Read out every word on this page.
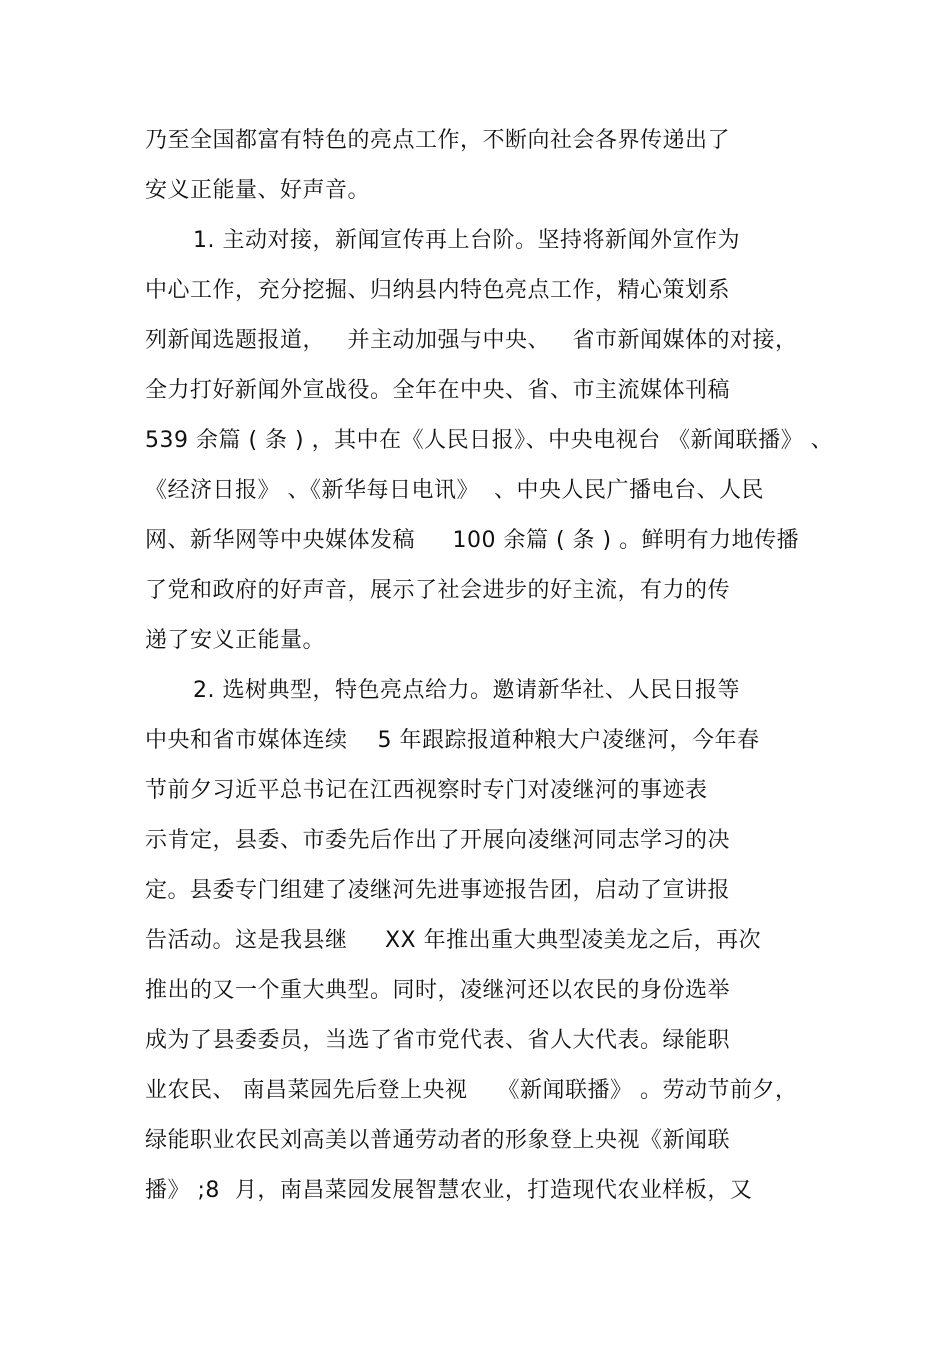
乃至全国都富有特色的亮点工作，不断向社会各界传递出了
安义正能量、好声音。
1. 主动对接，新闻宣传再上台阶。坚持将新闻外宣作为
中心工作，充分挖掘、归纳县内特色亮点工作，精心策划系
列新闻选题报道，   并主动加强与中央、   省市新闻媒体的对接，
全力打好新闻外宣战役。全年在中央、省、市主流媒体刊稿
539 余篇 ( 条 ) ，其中在《人民日报》、中央电视台 《新闻联播》 、
《经济日报》 、《新华每日电讯》  、中央人民广播电台、人民
网、新华网等中央媒体发稿     100 余篇 ( 条 ) 。鲜明有力地传播
了党和政府的好声音，展示了社会进步的好主流，有力的传
递了安义正能量。
2. 选树典型，特色亮点给力。邀请新华社、人民日报等
中央和省市媒体连续    5 年跟踪报道种粮大户凌继河，今年春
节前夕习近平总书记在江西视察时专门对凌继河的事迹表
示肯定，县委、市委先后作出了开展向凌继河同志学习的决
定。县委专门组建了凌继河先进事迹报告团，启动了宣讲报
告活动。这是我县继     XX 年推出重大典型凌美龙之后，再次
推出的又一个重大典型。同时，凌继河还以农民的身份选举
成为了县委委员，当选了省市党代表、省人大代表。绿能职
业农民、 南昌菜园先后登上央视    《新闻联播》 。劳动节前夕，
绿能职业农民刘高美以普通劳动者的形象登上央视《新闻联
播》 ;8  月，南昌菜园发展智慧农业，打造现代农业样板，又
